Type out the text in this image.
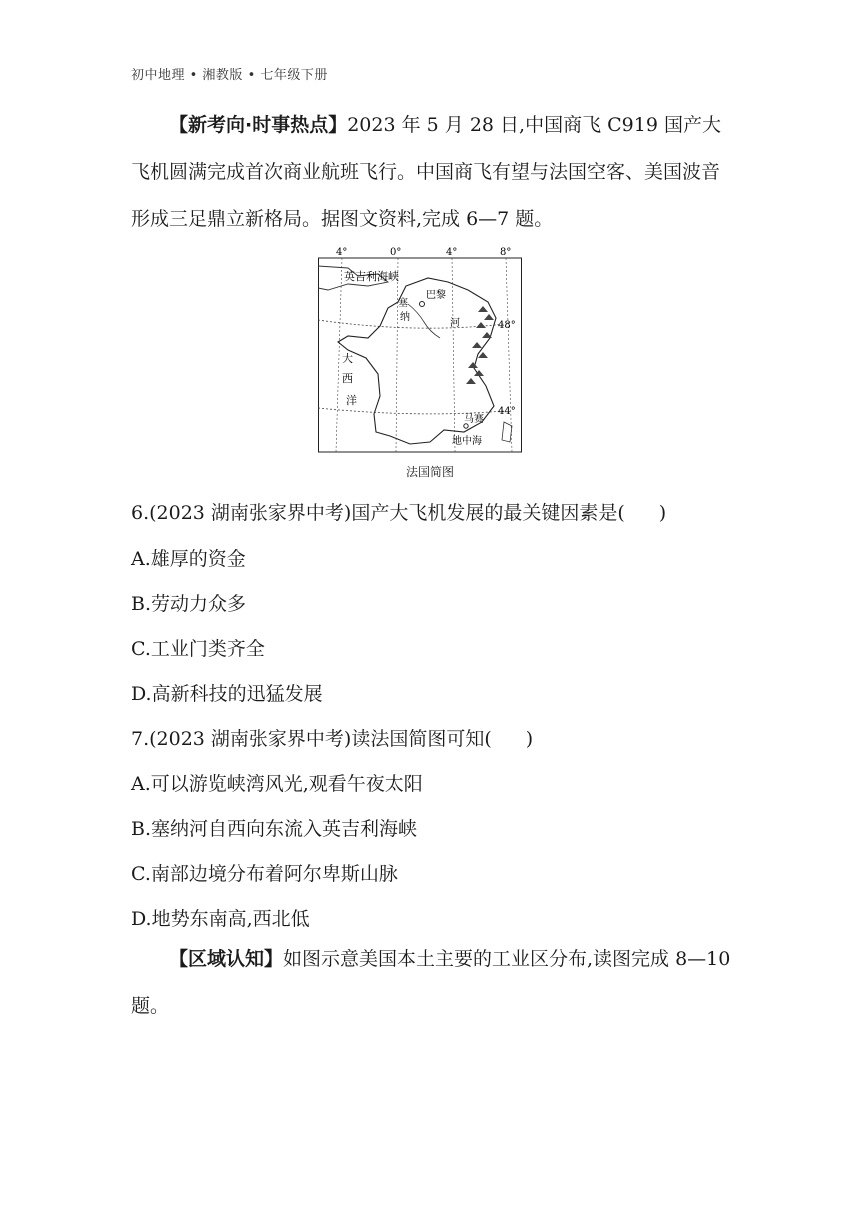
初中地理 • 湘教版 • 七年级下册
【新考向·时事热点】2023 年 5 月 28 日,中国商飞 C919 国产大飞机圆满完成首次商业航班飞行。中国商飞有望与法国空客、美国波音形成三足鼎立新格局。据图文资料,完成 6—7 题。
4°	0°	4°	8°
48°
44°
英吉利海峡
巴黎
塞
纳
河
大
西
洋
马赛
地中海
法国简图
6.(2023 湖南张家界中考)国产大飞机发展的最关键因素是( )
A.雄厚的资金
B.劳动力众多
C.工业门类齐全
D.高新科技的迅猛发展
7.(2023 湖南张家界中考)读法国简图可知( )
A.可以游览峡湾风光,观看午夜太阳
B.塞纳河自西向东流入英吉利海峡
C.南部边境分布着阿尔卑斯山脉
D.地势东南高,西北低
【区域认知】如图示意美国本土主要的工业区分布,读图完成 8—10 题。
